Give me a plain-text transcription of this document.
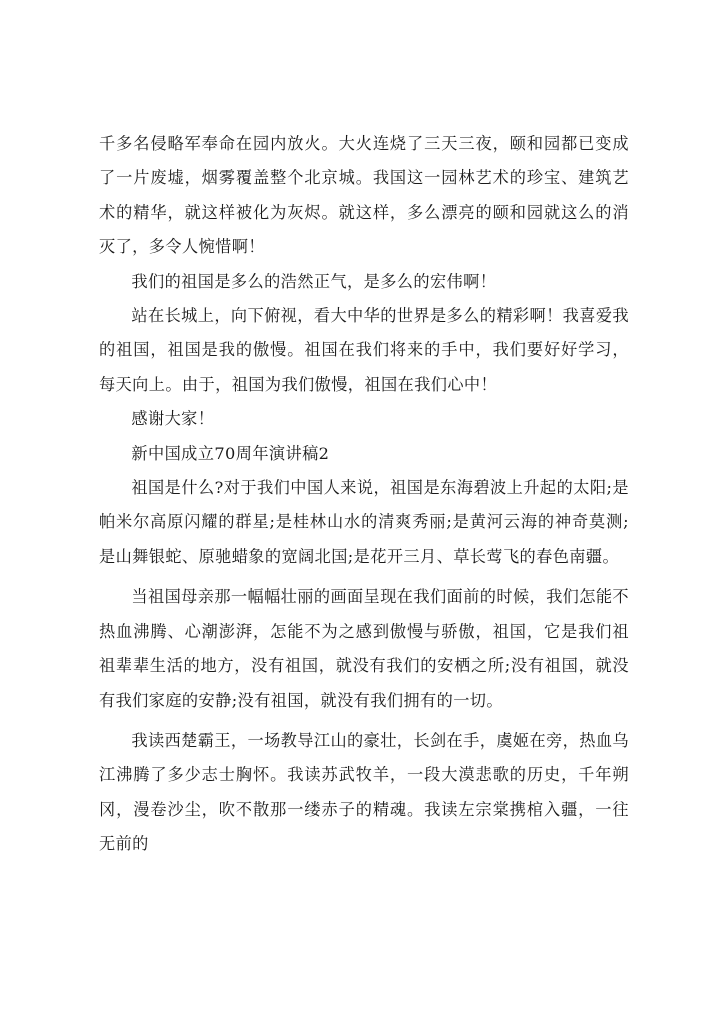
千多名侵略军奉命在园内放火。大火连烧了三天三夜，颐和园都已变成了一片废墟，烟雾覆盖整个北京城。我国这一园林艺术的珍宝、建筑艺术的精华，就这样被化为灰烬。就这样，多么漂亮的颐和园就这么的消灭了，多令人惋惜啊！

我们的祖国是多么的浩然正气，是多么的宏伟啊！

站在长城上，向下俯视，看大中华的世界是多么的精彩啊！我喜爱我的祖国，祖国是我的傲慢。祖国在我们将来的手中，我们要好好学习，每天向上。由于，祖国为我们傲慢，祖国在我们心中！

感谢大家！

新中国成立70周年演讲稿2

祖国是什么?对于我们中国人来说，祖国是东海碧波上升起的太阳;是帕米尔高原闪耀的群星;是桂林山水的清爽秀丽;是黄河云海的神奇莫测;是山舞银蛇、原驰蜡象的宽阔北国;是花开三月、草长莺飞的春色南疆。

当祖国母亲那一幅幅壮丽的画面呈现在我们面前的时候，我们怎能不热血沸腾、心潮澎湃，怎能不为之感到傲慢与骄傲，祖国，它是我们祖祖辈辈生活的地方，没有祖国，就没有我们的安栖之所;没有祖国，就没有我们家庭的安静;没有祖国，就没有我们拥有的一切。

我读西楚霸王，一场教导江山的豪壮，长剑在手，虞姬在旁，热血乌江沸腾了多少志士胸怀。我读苏武牧羊，一段大漠悲歌的历史，千年朔冈，漫卷沙尘，吹不散那一缕赤子的精魂。我读左宗棠携棺入疆，一往无前的
